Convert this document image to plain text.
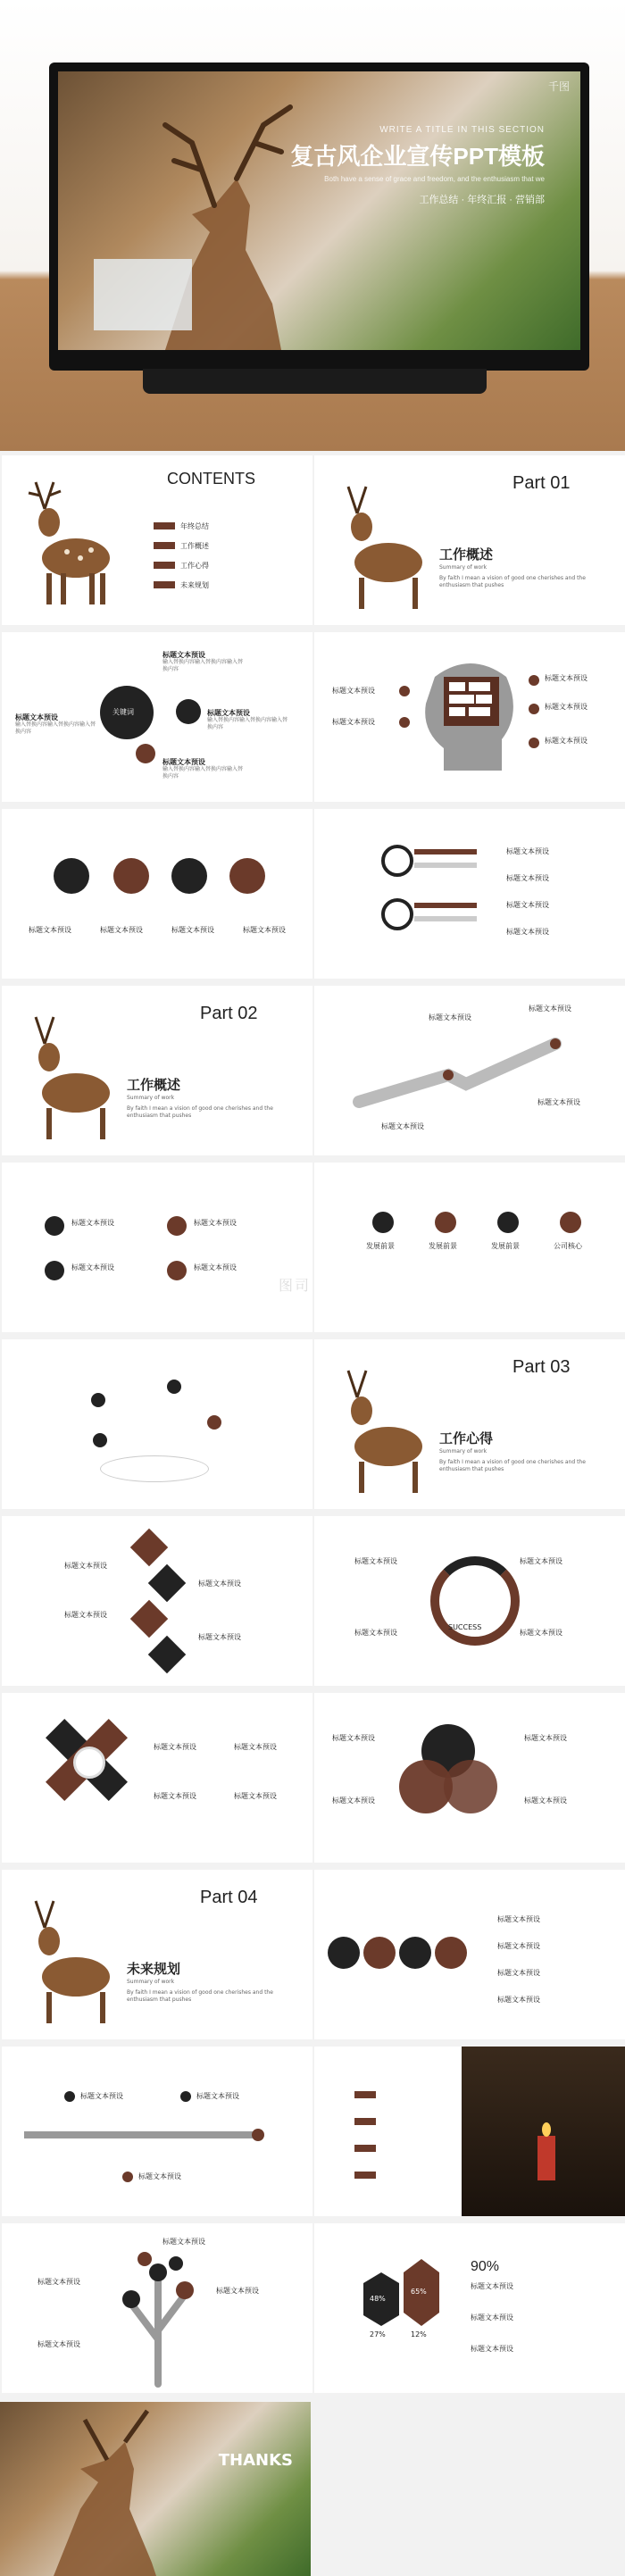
千图
WRITE A TITLE IN THIS SECTION
复古风企业宣传PPT模板
Both have a sense of grace and freedom, and the enthusiasm that we
工作总结 · 年终汇报 · 营销部
CONTENTS
年终总结
工作概述
工作心得
未来规划
Part 01
工作概述
Summary of work
By faith I mean a vision of good one cherishes and the enthusiasm that pushes
关键词
标题文本预设
输入替换内容输入替换内容输入替换内容
标题文本预设
输入替换内容输入替换内容输入替换内容
标题文本预设
输入替换内容输入替换内容输入替换内容
标题文本预设
输入替换内容输入替换内容输入替换内容
标题文本预设
标题文本预设
标题文本预设
标题文本预设
标题文本预设
标题文本预设	标题文本预设	标题文本预设	标题文本预设
标题文本预设
标题文本预设
标题文本预设
标题文本预设
Part 02
工作概述
Summary of work
By faith I mean a vision of good one cherishes and the enthusiasm that pushes
标题文本预设
标题文本预设
标题文本预设
标题文本预设
标题文本预设	标题文本预设
标题文本预设	标题文本预设
发展前景	发展前景	发展前景	公司核心
图司
Part 03
工作心得
Summary of work
By faith I mean a vision of good one cherishes and the enthusiasm that pushes
标题文本预设
标题文本预设
标题文本预设
标题文本预设
SUCCESS
标题文本预设	标题文本预设
标题文本预设	标题文本预设
标题文本预设	标题文本预设
标题文本预设	标题文本预设
标题文本预设	标题文本预设
标题文本预设	标题文本预设
Part 04
未来规划
Summary of work
By faith I mean a vision of good one cherishes and the enthusiasm that pushes
标题文本预设
标题文本预设
标题文本预设
标题文本预设
标题文本预设	标题文本预设
标题文本预设
标题文本预设
标题文本预设
标题文本预设
标题文本预设
48%
65%
27%	12%
90%
标题文本预设
标题文本预设
标题文本预设
THANKS
